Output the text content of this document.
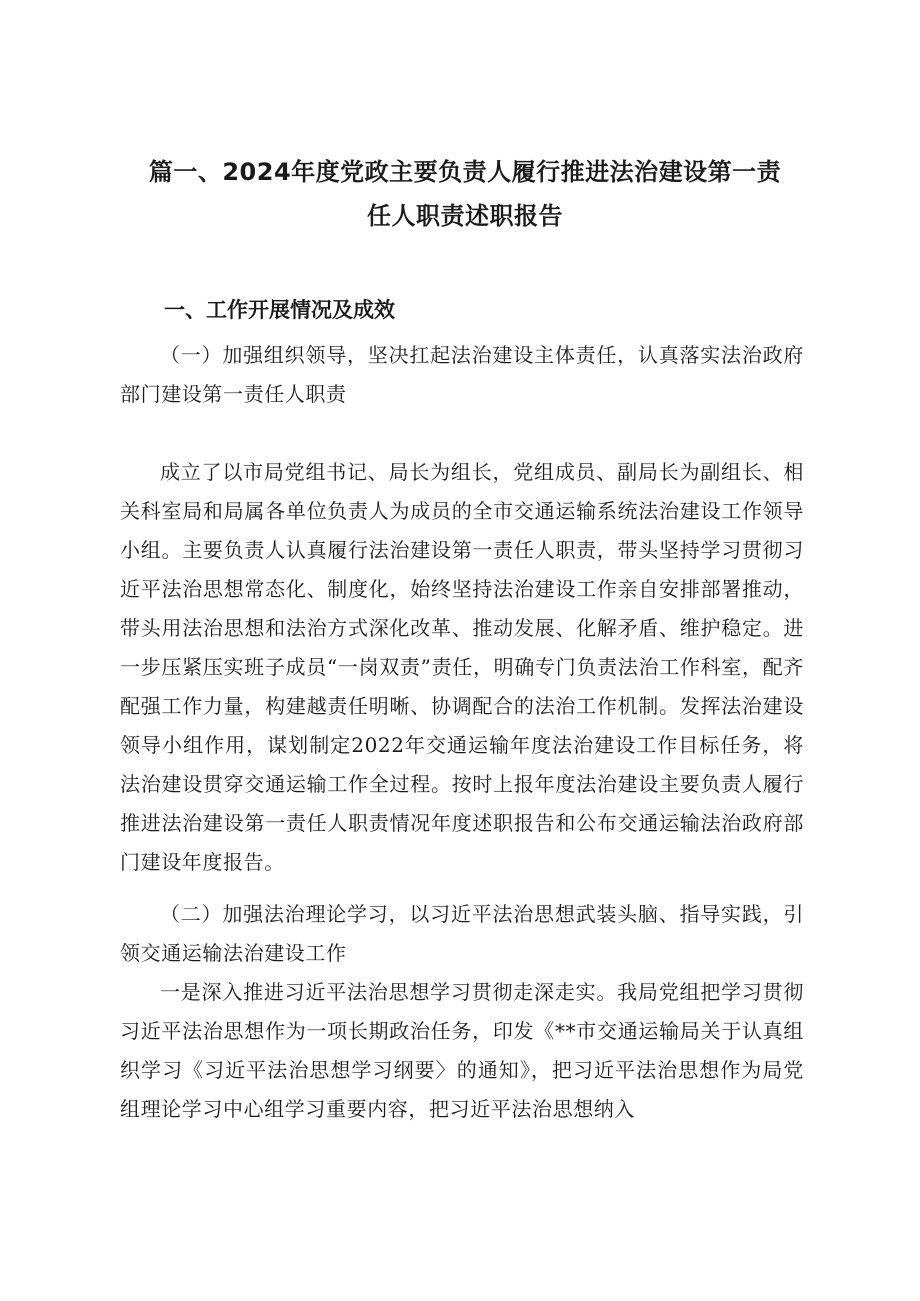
篇一、2024年度党政主要负责人履行推进法治建设第一责
任人职责述职报告
一、工作开展情况及成效

（一）加强组织领导，坚决扛起法治建设主体责任，认真落实法治政府部门建设第一责任人职责

成立了以市局党组书记、局长为组长，党组成员、副局长为副组长、相关科室局和局属各单位负责人为成员的全市交通运输系统法治建设工作领导小组。主要负责人认真履行法治建设第一责任人职责，带头坚持学习贯彻习近平法治思想常态化、制度化，始终坚持法治建设工作亲自安排部署推动，带头用法治思想和法治方式深化改革、推动发展、化解矛盾、维护稳定。进一步压紧压实班子成员“一岗双责”责任，明确专门负责法治工作科室，配齐配强工作力量，构建越责任明晰、协调配合的法治工作机制。发挥法治建设领导小组作用，谋划制定2022年交通运输年度法治建设工作目标任务，将法治建设贯穿交通运输工作全过程。按时上报年度法治建设主要负责人履行推进法治建设第一责任人职责情况年度述职报告和公布交通运输法治政府部门建设年度报告。

（二）加强法治理论学习，以习近平法治思想武装头脑、指导实践，引领交通运输法治建设工作

一是深入推进习近平法治思想学习贯彻走深走实。我局党组把学习贯彻习近平法治思想作为一项长期政治任务，印发《**市交通运输局关于认真组织学习《习近平法治思想学习纲要〉的通知》，把习近平法治思想作为局党组理论学习中心组学习重要内容，把习近平法治思想纳入
